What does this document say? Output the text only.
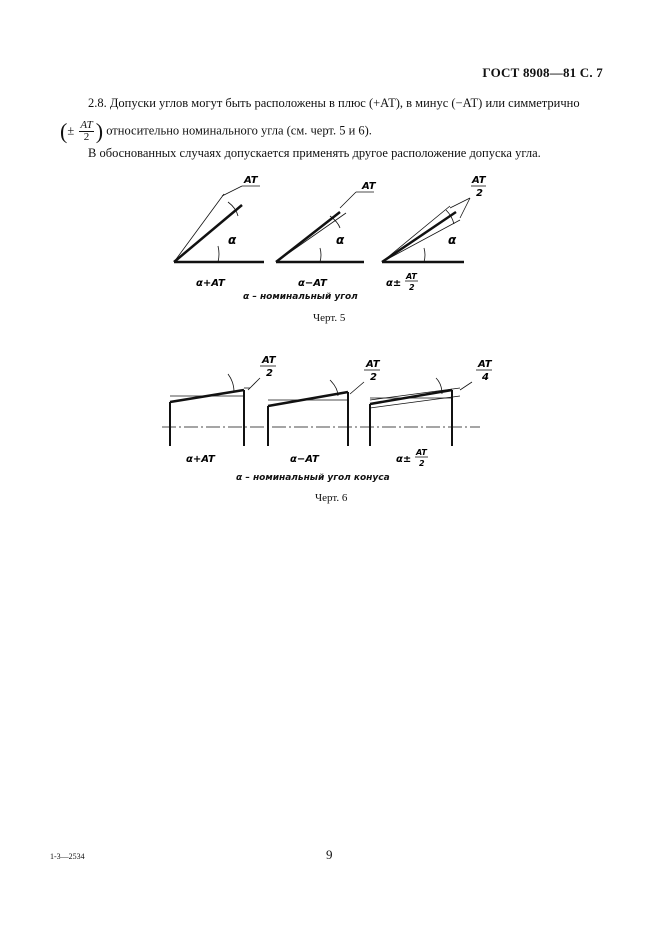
ГОСТ 8908—81 С. 7
2.8. Допуски углов могут быть расположены в плюс (+АТ), в минус (−АТ) или симметрично
(± $\frac{AT}{2}$ ) относительно номинального угла (см. черт. 5 и 6).
В обоснованных случаях допускается применять другое расположение допуска угла.
AT
α
AT
α
AT
2
α
α+AT	α−AT	α±
AT
2
α – номинальный угол
Черт. 5
AT
2
AT
2
AT
4
α+AT	α−AT	α±
AT
2
α – номинальный угол конуса
Черт. 6
1-3—2534	9
